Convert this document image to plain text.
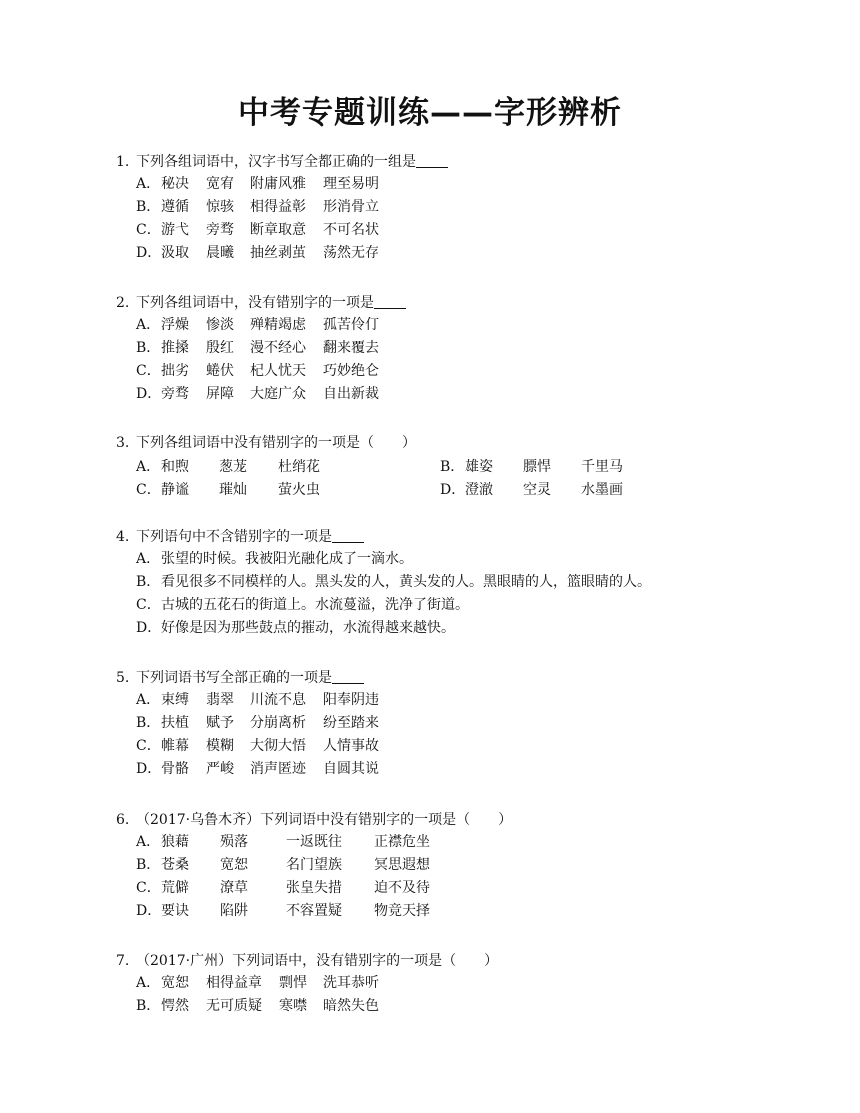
中考专题训练——字形辨析
1. 下列各组词语中，汉字书写全都正确的一组是
A．秘决 宽宥 附庸风雅 理至易明
B．遵循 惊骇 相得益彰 形消骨立
C．游弋 旁骛 断章取意 不可名状
D．汲取 晨曦 抽丝剥茧 荡然无存
2. 下列各组词语中，没有错别字的一项是
A．浮燥 惨淡 殚精竭虑 孤苦伶仃
B．推搡 殷红 漫不经心 翻来覆去
C．拙劣 蜷伏 杞人忧天 巧妙绝仑
D．旁骛 屏障 大庭广众 自出新裁
3. 下列各组词语中没有错别字的一项是（　　）
A．和煦 葱茏 杜绡花	B．雄姿 膘悍 千里马
C．静谧 璀灿 萤火虫	D．澄澈 空灵 水墨画
4. 下列语句中不含错别字的一项是
A．张望的时候。我被阳光融化成了一滴水。
B．看见很多不同模样的人。黑头发的人，黄头发的人。黑眼睛的人，篮眼睛的人。
C．古城的五花石的街道上。水流蔓溢，洗净了街道。
D．好像是因为那些鼓点的摧动，水流得越来越快。
5. 下列词语书写全部正确的一项是
A．束缚 翡翠 川流不息 阳奉阴违
B．扶植 赋予 分崩离析 纷至踏来
C．帷幕 模糊 大彻大悟 人情事故
D．骨骼 严峻 消声匿迹 自圆其说
6. （2017·乌鲁木齐）下列词语中没有错别字的一项是（　　）
A．狼藉 殒落	一返既往 正襟危坐
B．苍桑 宽恕	名门望族 冥思遐想
C．荒僻 潦草	张皇失措 迫不及待
D．要诀 陷阱	不容置疑 物竞天择
7. （2017·广州）下列词语中，没有错别字的一项是（　　）
A．宽恕 相得益章 剽悍 洗耳恭听
B．愕然 无可质疑 寒噤 暗然失色
